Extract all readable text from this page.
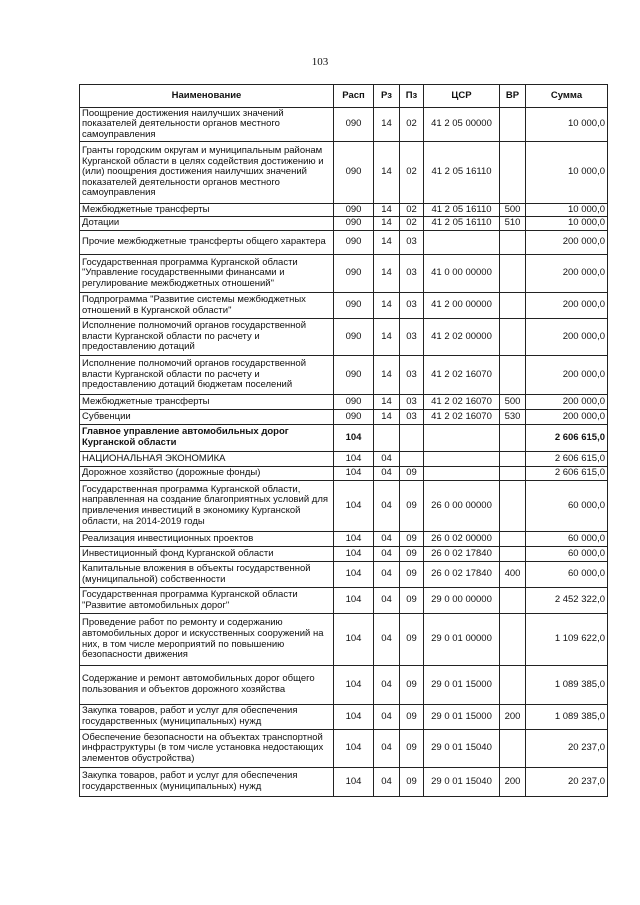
103
Наименование	Расп	Рз	Пз	ЦСР	ВР	Сумма
Поощрение достижения наилучших значений показателей деятельности органов местного самоуправления	090	14	02	41 2 05 00000		10 000,0
Гранты городским округам и муниципальным районам Курганской области в целях содействия достижению и (или) поощрения достижения наилучших значений показателей деятельности органов местного самоуправления	090	14	02	41 2 05 16110		10 000,0
Межбюджетные трансферты	090	14	02	41 2 05 16110	500	10 000,0
Дотации	090	14	02	41 2 05 16110	510	10 000,0
Прочие межбюджетные трансферты общего характера	090	14	03			200 000,0
Государственная программа Курганской области "Управление государственными финансами и регулирование межбюджетных отношений"	090	14	03	41 0 00 00000		200 000,0
Подпрограмма "Развитие системы межбюджетных отношений в Курганской области"	090	14	03	41 2 00 00000		200 000,0
Исполнение полномочий органов государственной власти Курганской области по расчету и предоставлению дотаций	090	14	03	41 2 02 00000		200 000,0
Исполнение полномочий органов государственной власти Курганской области по расчету и предоставлению дотаций бюджетам поселений	090	14	03	41 2 02 16070		200 000,0
Межбюджетные трансферты	090	14	03	41 2 02 16070	500	200 000,0
Субвенции	090	14	03	41 2 02 16070	530	200 000,0
Главное управление автомобильных дорог Курганской области	104					2 606 615,0
НАЦИОНАЛЬНАЯ ЭКОНОМИКА	104	04				2 606 615,0
Дорожное хозяйство (дорожные фонды)	104	04	09			2 606 615,0
Государственная программа Курганской области, направленная на создание благоприятных условий для привлечения инвестиций в экономику Курганской области, на 2014-2019 годы	104	04	09	26 0 00 00000		60 000,0
Реализация инвестиционных проектов	104	04	09	26 0 02 00000		60 000,0
Инвестиционный фонд Курганской области	104	04	09	26 0 02 17840		60 000,0
Капитальные вложения в объекты государственной (муниципальной) собственности	104	04	09	26 0 02 17840	400	60 000,0
Государственная программа Курганской области "Развитие автомобильных дорог"	104	04	09	29 0 00 00000		2 452 322,0
Проведение работ по ремонту и содержанию автомобильных дорог и искусственных сооружений на них, в том числе мероприятий по повышению безопасности движения	104	04	09	29 0 01 00000		1 109 622,0
Содержание и ремонт автомобильных дорог общего пользования и объектов дорожного хозяйства	104	04	09	29 0 01 15000		1 089 385,0
Закупка товаров, работ и услуг для обеспечения государственных (муниципальных) нужд	104	04	09	29 0 01 15000	200	1 089 385,0
Обеспечение безопасности на объектах транспортной инфраструктуры (в том числе установка недостающих элементов обустройства)	104	04	09	29 0 01 15040		20 237,0
Закупка товаров, работ и услуг для обеспечения государственных (муниципальных) нужд	104	04	09	29 0 01 15040	200	20 237,0
